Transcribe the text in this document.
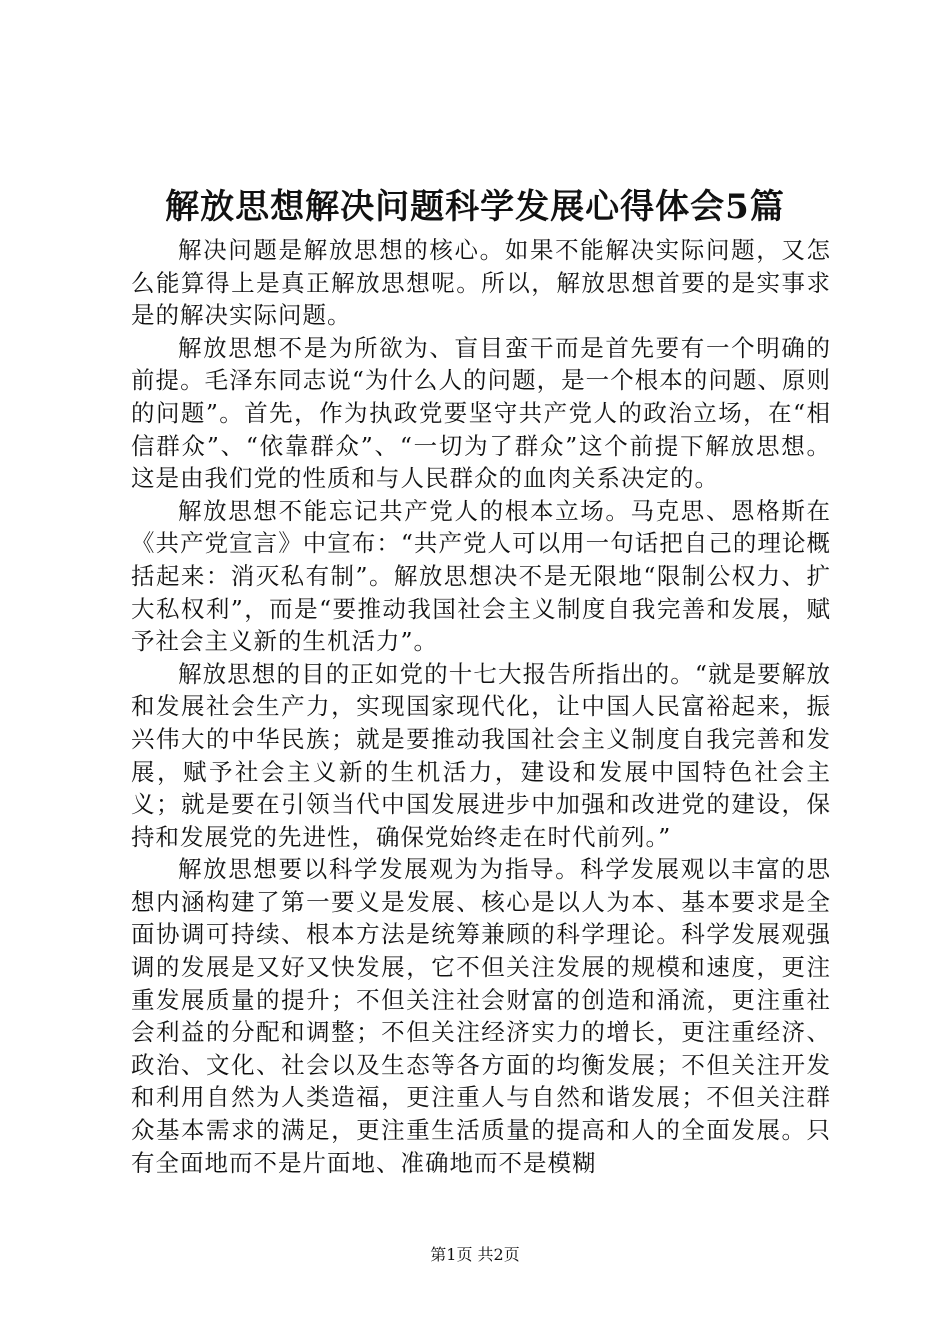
解放思想解决问题科学发展心得体会5篇

解决问题是解放思想的核心。如果不能解决实际问题，又怎么能算得上是真正解放思想呢。所以，解放思想首要的是实事求是的解决实际问题。

解放思想不是为所欲为、盲目蛮干而是首先要有一个明确的前提。毛泽东同志说“为什么人的问题，是一个根本的问题、原则的问题”。首先，作为执政党要坚守共产党人的政治立场，在“相信群众”、“依靠群众”、“一切为了群众”这个前提下解放思想。这是由我们党的性质和与人民群众的血肉关系决定的。

解放思想不能忘记共产党人的根本立场。马克思、恩格斯在《共产党宣言》中宣布：“共产党人可以用一句话把自己的理论概括起来：消灭私有制”。解放思想决不是无限地“限制公权力、扩大私权利”，而是“要推动我国社会主义制度自我完善和发展，赋予社会主义新的生机活力”。

解放思想的目的正如党的十七大报告所指出的。“就是要解放和发展社会生产力，实现国家现代化，让中国人民富裕起来，振兴伟大的中华民族；就是要推动我国社会主义制度自我完善和发展，赋予社会主义新的生机活力，建设和发展中国特色社会主义；就是要在引领当代中国发展进步中加强和改进党的建设，保持和发展党的先进性，确保党始终走在时代前列。”

解放思想要以科学发展观为为指导。科学发展观以丰富的思想内涵构建了第一要义是发展、核心是以人为本、基本要求是全面协调可持续、根本方法是统筹兼顾的科学理论。科学发展观强调的发展是又好又快发展，它不但关注发展的规模和速度，更注重发展质量的提升；不但关注社会财富的创造和涌流，更注重社会利益的分配和调整；不但关注经济实力的增长，更注重经济、政治、文化、社会以及生态等各方面的均衡发展；不但关注开发和利用自然为人类造福，更注重人与自然和谐发展；不但关注群众基本需求的满足，更注重生活质量的提高和人的全面发展。只有全面地而不是片面地、准确地而不是模糊

第1页 共2页
